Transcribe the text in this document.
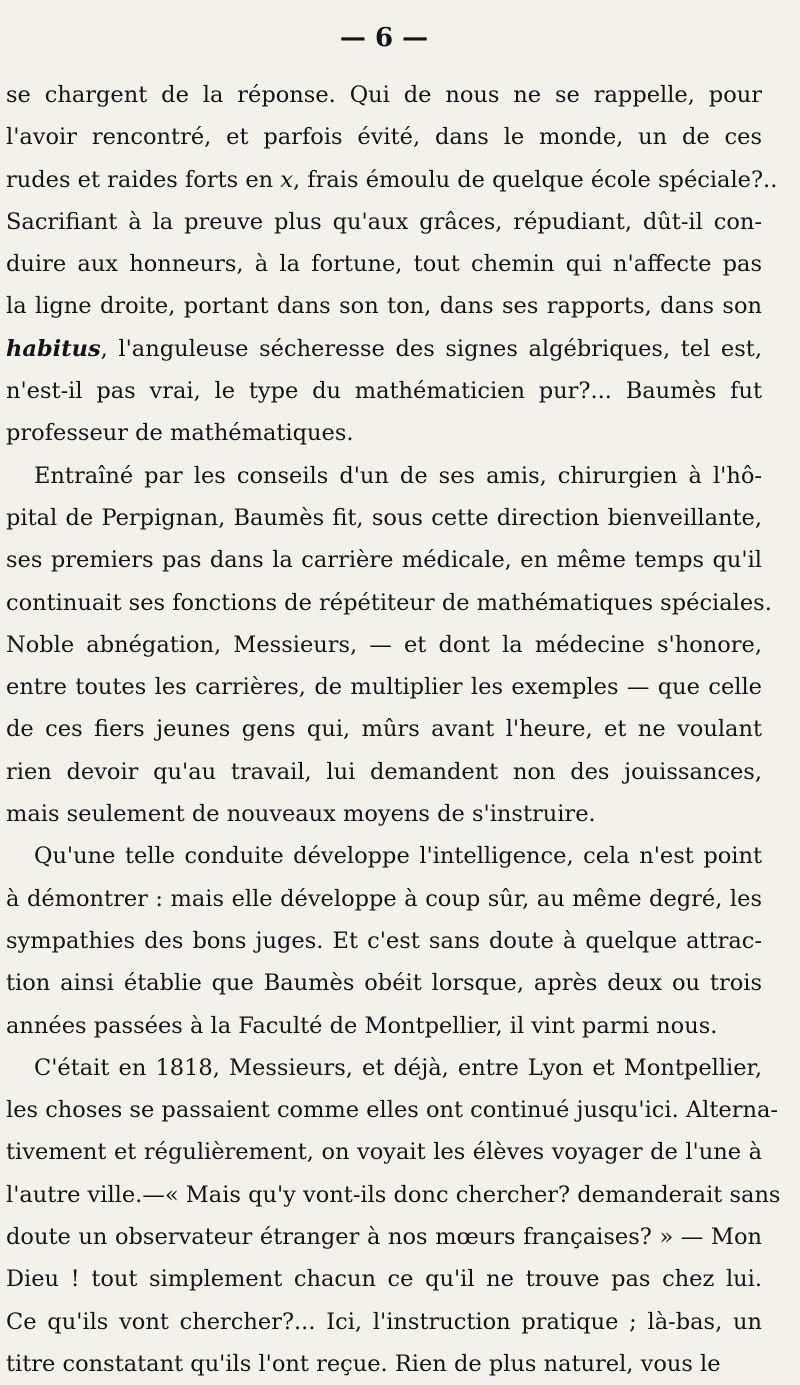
— 6 —
se chargent de la réponse. Qui de nous ne se rappelle, pour
l'avoir rencontré, et parfois évité, dans le monde, un de ces
rudes et raides forts en x, frais émoulu de quelque école spéciale?..
Sacrifiant à la preuve plus qu'aux grâces, répudiant, dût-il con-
duire aux honneurs, à la fortune, tout chemin qui n'affecte pas
la ligne droite, portant dans son ton, dans ses rapports, dans son
habitus, l'anguleuse sécheresse des signes algébriques, tel est,
n'est-il pas vrai, le type du mathématicien pur?... Baumès fut
professeur de mathématiques.
Entraîné par les conseils d'un de ses amis, chirurgien à l'hô-
pital de Perpignan, Baumès fit, sous cette direction bienveillante,
ses premiers pas dans la carrière médicale, en même temps qu'il
continuait ses fonctions de répétiteur de mathématiques spéciales.
Noble abnégation, Messieurs, — et dont la médecine s'honore,
entre toutes les carrières, de multiplier les exemples — que celle
de ces fiers jeunes gens qui, mûrs avant l'heure, et ne voulant
rien devoir qu'au travail, lui demandent non des jouissances,
mais seulement de nouveaux moyens de s'instruire.
Qu'une telle conduite développe l'intelligence, cela n'est point
à démontrer : mais elle développe à coup sûr, au même degré, les
sympathies des bons juges. Et c'est sans doute à quelque attrac-
tion ainsi établie que Baumès obéit lorsque, après deux ou trois
années passées à la Faculté de Montpellier, il vint parmi nous.
C'était en 1818, Messieurs, et déjà, entre Lyon et Montpellier,
les choses se passaient comme elles ont continué jusqu'ici. Alterna-
tivement et régulièrement, on voyait les élèves voyager de l'une à
l'autre ville.—« Mais qu'y vont-ils donc chercher? demanderait sans
doute un observateur étranger à nos mœurs françaises? » — Mon
Dieu ! tout simplement chacun ce qu'il ne trouve pas chez lui.
Ce qu'ils vont chercher?... Ici, l'instruction pratique ; là-bas, un
titre constatant qu'ils l'ont reçue. Rien de plus naturel, vous le
